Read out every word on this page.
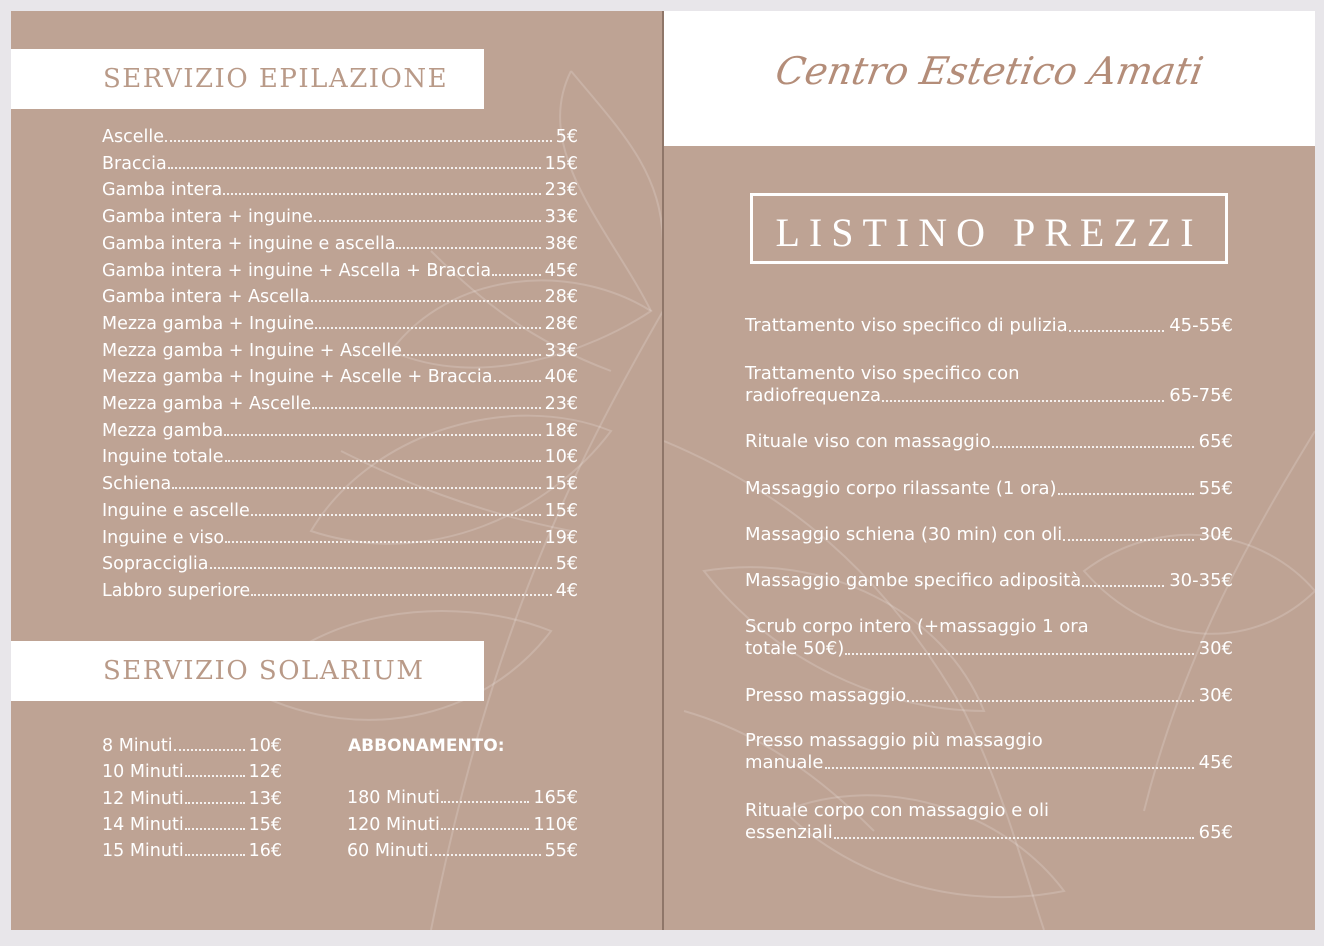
SERVIZIO EPILAZIONE
Ascelle	5€
Braccia	15€
Gamba intera	23€
Gamba intera + inguine	33€
Gamba intera + inguine e ascella	38€
Gamba intera + inguine + Ascella + Braccia	45€
Gamba intera + Ascella	28€
Mezza gamba + Inguine	28€
Mezza gamba + Inguine + Ascelle	33€
Mezza gamba + Inguine + Ascelle + Braccia	40€
Mezza gamba + Ascelle	23€
Mezza gamba	18€
Inguine totale	10€
Schiena	15€
Inguine e ascelle	15€
Inguine e viso	19€
Sopracciglia	5€
Labbro superiore	4€
SERVIZIO SOLARIUM
8 Minuti	10€
10 Minuti	12€
12 Minuti	13€
14 Minuti	15€
15 Minuti	16€
ABBONAMENTO:
180 Minuti	165€
120 Minuti	110€
60 Minuti	55€
Centro Estetico Amati
LISTINO PREZZI
Trattamento viso specifico di pulizia	45-55€
Trattamento viso specifico con
radiofrequenza	65-75€
Rituale viso con massaggio	65€
Massaggio corpo rilassante (1 ora)	55€
Massaggio schiena (30 min) con oli	30€
Massaggio gambe specifico adiposità	30-35€
Scrub corpo intero (+massaggio 1 ora
totale 50€)	30€
Presso massaggio	30€
Presso massaggio più massaggio
manuale	45€
Rituale corpo con massaggio e oli
essenziali	65€
